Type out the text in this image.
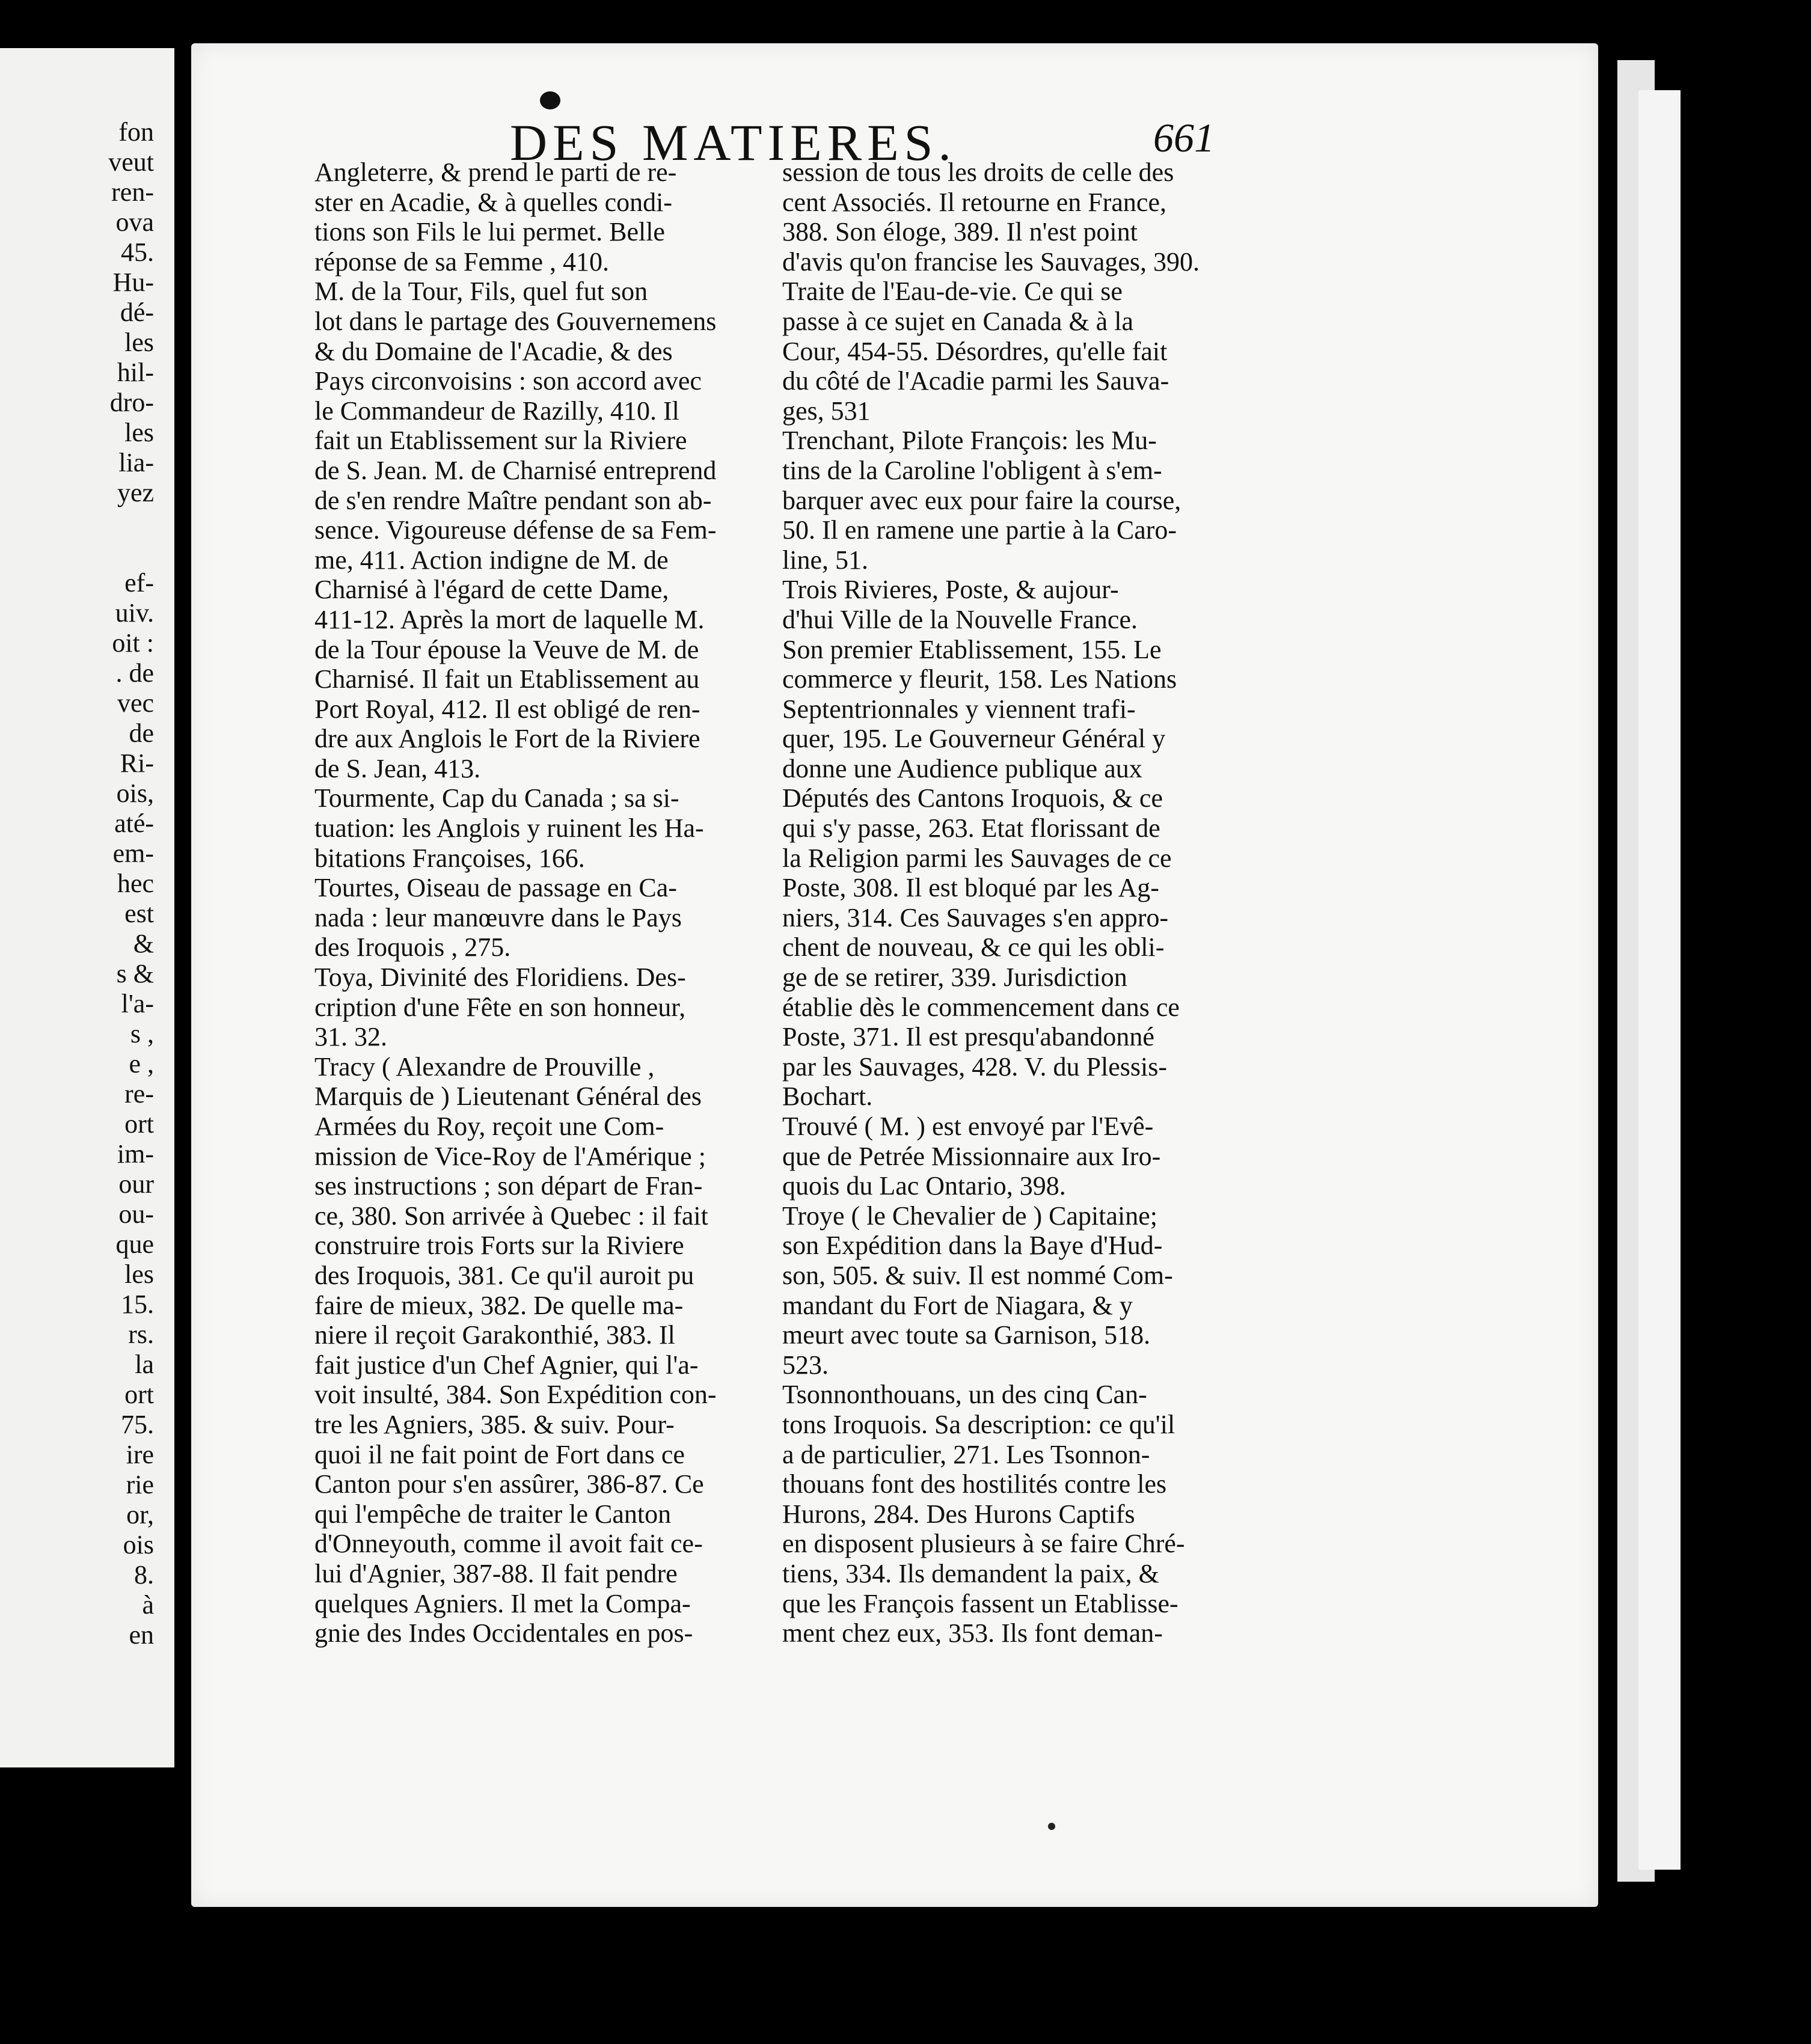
fon
veut
ren-
ova
45.
Hu-
dé-
les
hil-
dro-
les
lia-
yez
ef-
uiv.
oit :
. de
vec
de
Ri-
ois,
até-
em-
hec
est
&
s &
l'a-
s ,
e ,
re-
ort
im-
our
ou-
que
les
15.
rs.
la
ort
75.
ire
rie
or,
ois
8.
à
en
DES MATIERES.	661
Angleterre, & prend le parti de re-
ster en Acadie, & à quelles condi-
tions son Fils le lui permet. Belle
réponse de sa Femme , 410.
M. de la Tour, Fils, quel fut son
lot dans le partage des Gouvernemens
& du Domaine de l'Acadie, & des
Pays circonvoisins : son accord avec
le Commandeur de Razilly, 410. Il
fait un Etablissement sur la Riviere
de S. Jean. M. de Charnisé entreprend
de s'en rendre Maître pendant son ab-
sence. Vigoureuse défense de sa Fem-
me, 411. Action indigne de M. de
Charnisé à l'égard de cette Dame,
411-12. Après la mort de laquelle M.
de la Tour épouse la Veuve de M. de
Charnisé. Il fait un Etablissement au
Port Royal, 412. Il est obligé de ren-
dre aux Anglois le Fort de la Riviere
de S. Jean, 413.
Tourmente, Cap du Canada ; sa si-
tuation: les Anglois y ruinent les Ha-
bitations Françoises, 166.
Tourtes, Oiseau de passage en Ca-
nada : leur manœuvre dans le Pays
des Iroquois , 275.
Toya, Divinité des Floridiens. Des-
cription d'une Fête en son honneur,
31. 32.
Tracy ( Alexandre de Prouville ,
Marquis de ) Lieutenant Général des
Armées du Roy, reçoit une Com-
mission de Vice-Roy de l'Amérique ;
ses instructions ; son départ de Fran-
ce, 380. Son arrivée à Quebec : il fait
construire trois Forts sur la Riviere
des Iroquois, 381. Ce qu'il auroit pu
faire de mieux, 382. De quelle ma-
niere il reçoit Garakonthié, 383. Il
fait justice d'un Chef Agnier, qui l'a-
voit insulté, 384. Son Expédition con-
tre les Agniers, 385. & suiv. Pour-
quoi il ne fait point de Fort dans ce
Canton pour s'en assûrer, 386-87. Ce
qui l'empêche de traiter le Canton
d'Onneyouth, comme il avoit fait ce-
lui d'Agnier, 387-88. Il fait pendre
quelques Agniers. Il met la Compa-
gnie des Indes Occidentales en pos-
session de tous les droits de celle des
cent Associés. Il retourne en France,
388. Son éloge, 389. Il n'est point
d'avis qu'on francise les Sauvages, 390.
Traite de l'Eau-de-vie. Ce qui se
passe à ce sujet en Canada & à la
Cour, 454-55. Désordres, qu'elle fait
du côté de l'Acadie parmi les Sauva-
ges, 531
Trenchant, Pilote François: les Mu-
tins de la Caroline l'obligent à s'em-
barquer avec eux pour faire la course,
50. Il en ramene une partie à la Caro-
line, 51.
Trois Rivieres, Poste, & aujour-
d'hui Ville de la Nouvelle France.
Son premier Etablissement, 155. Le
commerce y fleurit, 158. Les Nations
Septentrionnales y viennent trafi-
quer, 195. Le Gouverneur Général y
donne une Audience publique aux
Députés des Cantons Iroquois, & ce
qui s'y passe, 263. Etat florissant de
la Religion parmi les Sauvages de ce
Poste, 308. Il est bloqué par les Ag-
niers, 314. Ces Sauvages s'en appro-
chent de nouveau, & ce qui les obli-
ge de se retirer, 339. Jurisdiction
établie dès le commencement dans ce
Poste, 371. Il est presqu'abandonné
par les Sauvages, 428. V. du Plessis-
Bochart.
Trouvé ( M. ) est envoyé par l'Evê-
que de Petrée Missionnaire aux Iro-
quois du Lac Ontario, 398.
Troye ( le Chevalier de ) Capitaine;
son Expédition dans la Baye d'Hud-
son, 505. & suiv. Il est nommé Com-
mandant du Fort de Niagara, & y
meurt avec toute sa Garnison, 518.
523.
Tsonnonthouans, un des cinq Can-
tons Iroquois. Sa description: ce qu'il
a de particulier, 271. Les Tsonnon-
thouans font des hostilités contre les
Hurons, 284. Des Hurons Captifs
en disposent plusieurs à se faire Chré-
tiens, 334. Ils demandent la paix, &
que les François fassent un Etablisse-
ment chez eux, 353. Ils font deman-
